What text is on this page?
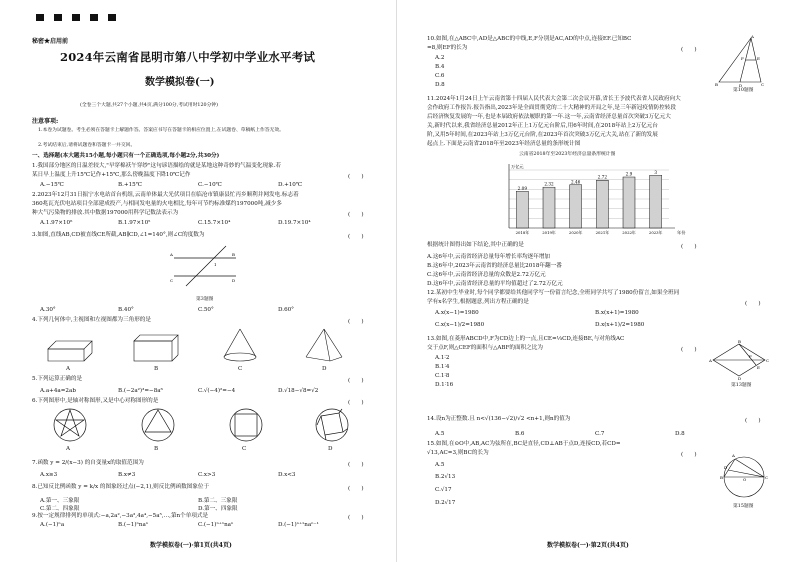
秘密★启用前
2024年云南省昆明市第八中学初中学业水平考试
数学模拟卷(一)
(全卷三个大题,共27个小题,共4页,满分100分,考试用时120分钟)
注意事项:
1.本卷为试题卷。考生必须在答题卡上解题作答。答案应书写在答题卡的相应位置上,在试题卷、草稿纸上作答无效。
2.考试结束后,请将试题卷和答题卡一并交回。
一、选择题(本大题共15小题,每小题只有一个正确选项,每小题2分,共30分)
1.我国部分地区的日温差较大,"早穿棉袄午穿纱"这句谚语描绘的就是某地这种奇妙的气温变化现象.若
某日早上温度上升15℃记作+15℃,那么傍晚温度下降10℃记作	(　　)
A.−15℃	B.+15℃	C.−10℃	D.+10℃
2.2023年12月31日振宁水电站首台机组,云南单体最大光伏项目在临沧市镇康县忙丙乡顺利并网发电.标志着
360兆瓦光伏电站项目全部建成投产,与相同发电量的火电相比,每年可节约标准煤约197000吨,减少多
种大气污染物的排放.其中数据197000用科学记数法表示为	(　　)
A.1.97×10⁶	B.1.97×10⁵	C.15.7×10⁴	D.19.7×10⁴
3.如图,直线AB,CD被直线CE所截,AB∥CD,∠1=140°,则∠C的度数为	(　　)
A	B
C	D
1
第3题图
A.30°	B.40°	C.50°	D.60°
4.下列几何体中,主视图和左视图都为三角形的是	(　　)
A	B	C	D
5.下列运算正确的是	(　　)
A.a+4a=2ab	B.(−2a²)³=−8a⁶	C.√(−4)²=−4	D.√18−√8=√2
6.下列图形中,是轴对称图形,又是中心对称图形的是	(　　)
A	B	C	D
7.函数 y = 2/(x−3) 的自变量x的取值范围为	(　　)
A.x≥3	B.x≠3	C.x>3	D.x<3
8.已知反比例函数 y = k/x 的图象经过点(−2,1),则反比例函数图象位于	(　　)
A.第一、三象限	B.第二、三象限
C.第二、四象限	D.第一、四象限
9.按一定规律排列的单项式:−a,2a²,−3a³,4a⁴,−5a⁵,…,第n个单项式是	(　　)
A.(−1)ⁿa	B.(−1)ⁿnaⁿ	C.(−1)ⁿ⁺¹naⁿ	D.(−1)ⁿ⁺¹naⁿ⁻¹
数学模拟卷(一)·第1页(共4页)
10.如图,在△ABC中,AD是△ABC的中线,E,F分别是AC,AD的中点,连接EF.已知BC
=8,则EF的长为	(　　)
A.2
B.4
C.6
D.8
A
B	D	C
F	E
第10题图
11.2024年1月24日上午云南省第十四届人民代表大会第二次会议开幕,省长王予波代表省人民政府向大
会作政府工作报告.报告指出,2023年是全面贯彻党的二十大精神的开局之年,是三年新冠疫情防控转段
后经济恢复发展的一年,也是本届政府依法履职的第一年.这一年,云南省经济总量首次突破3万亿元大
关,新时代以来,我省经济总量2012年正上1万亿元台阶后,用6年时间,在2018年站上2万亿元台
阶,又用5年时间,在2023年站上3万亿元台阶,在2023年首次突破3万亿元大关,站在了新的发展
起点上.下面是云南省2018年至2023年经济总量的条形统计图
云南省2018年至2023年经济总量条形统计图
2.09
2018年
2.32
2019年
2.46
2020年
2.72
2021年
2.9
2022年
3
2023年
万亿元
年份
根据统计图得出如下结论,其中正确的是	(　　)
A.这6年中,云南省经济总量每年增长率均逐年增加
B.这6年中,2023年云南省的经济总量比2018年翻一番
C.这6年中,云南省经济总量的众数是2.72万亿元
D.这6年中,云南省经济总量的平均值超过了2.72万亿元
12.某初中生毕业时,每个同学都要给其他同学写一份留言纪念,全班同学共写了1980份留言,如果全班同
学有x名学生,根据题意,列出方程正确的是	(　　)
A.x(x−1)=1980	B.x(x+1)=1980
C.x(x−1)/2=1980	D.x(x+1)/2=1980
13.如图,在菱形ABCD中,F为CD边上的一点,且CE=⅓CD,连接BE,与对角线AC
交于点F,则△CEF的面积与△ABF的面积之比为	(　　)
A.1∶2
B.1∶4
C.1∶8
D.1∶16
A
B
C
D
E
F
第13题图
14.设n为正整数.且 n<√(136−√2)/√2 <n+1,则n的值为	(　　)
A.5	B.6	C.7	D.8
15.如图,在⊙O中,AB,AC为弦所在,BC是直径,CD⊥AB于点D,连接CD,若CD=
√13,AC=3,则BC的长为	(　　)
A.5
B.2√13
C.√17
D.2√17
A
B	C
O
D
第15题图
数学模拟卷(一)·第2页(共4页)
